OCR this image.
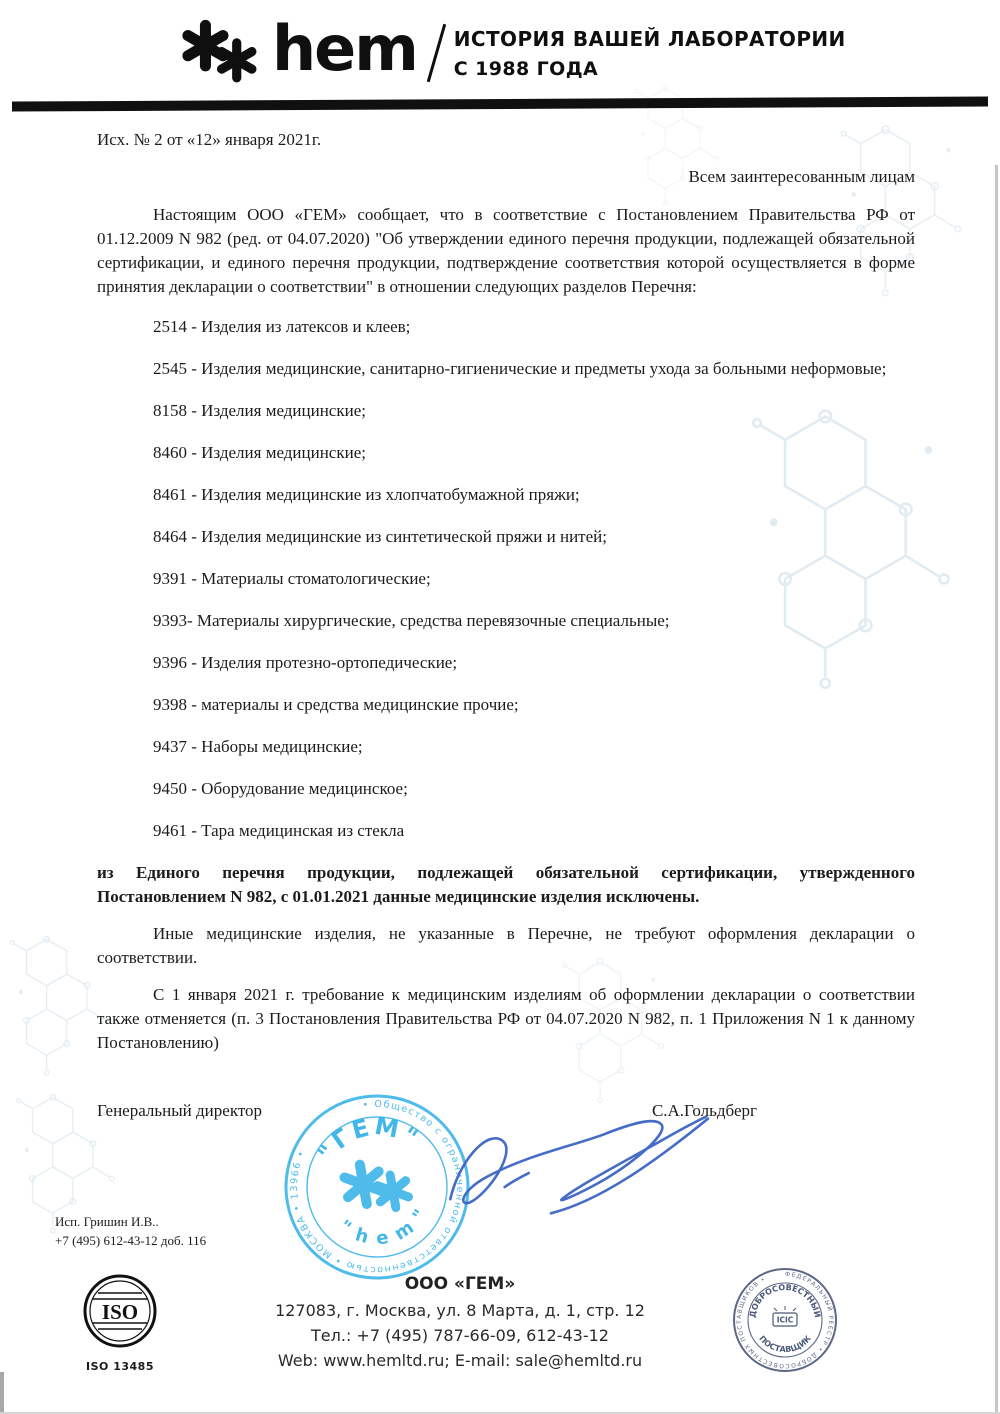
hem ИСТОРИЯ ВАШЕЙ ЛАБОРАТОРИИ
С 1988 ГОДА

Исх. № 2 от «12» января 2021г.

Всем заинтересованным лицам

Настоящим ООО «ГЕМ» сообщает, что в соответствие с Постановлением Правительства РФ от 01.12.2009 N 982 (ред. от 04.07.2020) "Об утверждении единого перечня продукции, подлежащей обязательной сертификации, и единого перечня продукции, подтверждение соответствия которой осуществляется в форме принятия декларации о соответствии" в отношении следующих разделов Перечня:

2514 - Изделия из латексов и клеев;

2545 - Изделия медицинские, санитарно-гигиенические и предметы ухода за больными неформовые;

8158 - Изделия медицинские;

8460 - Изделия медицинские;

8461 - Изделия медицинские из хлопчатобумажной пряжи;

8464 - Изделия медицинские из синтетической пряжи и нитей;

9391 - Материалы стоматологические;

9393- Материалы хирургические, средства перевязочные специальные;

9396 - Изделия протезно-ортопедические;

9398 - материалы и средства медицинские прочие;

9437 - Наборы медицинские;

9450 - Оборудование медицинское;

9461 - Тара медицинская из стекла

из Единого перечня продукции, подлежащей обязательной сертификации, утвержденного Постановлением N 982, с 01.01.2021 данные медицинские изделия исключены.

Иные медицинские изделия, не указанные в Перечне, не требуют оформления декларации о соответствии.

С 1 января 2021 г. требование к медицинским изделиям об оформлении декларации о соответствии также отменяется (п. 3 Постановления Правительства РФ от 04.07.2020 N 982, п. 1 Приложения N 1 к данному Постановлению)

Генеральный директор	С.А.Гольдберг
Исп. Гришин И.В..
+7 (495) 612-43-12 доб. 116
• Общество с ограниченной ответственностью • МОСКВА • 13966 • "ГЕМ"
" h e m "
ISO
ISO 13485
ООО «ГЕМ»
127083, г. Москва, ул. 8 Марта, д. 1, стр. 12
Тел.: +7 (495) 787-66-09, 612-43-12
Web: www.hemltd.ru; E-mail: sale@hemltd.ru
ФЕДЕРАЛЬНЫЙ РЕЕСТР • ДОБРОСОВЕСТНЫХ ПОСТАВЩИКОВ •
ДОБРОСОВЕСТНЫЙ
ПОСТАВЩИК
ICIC
